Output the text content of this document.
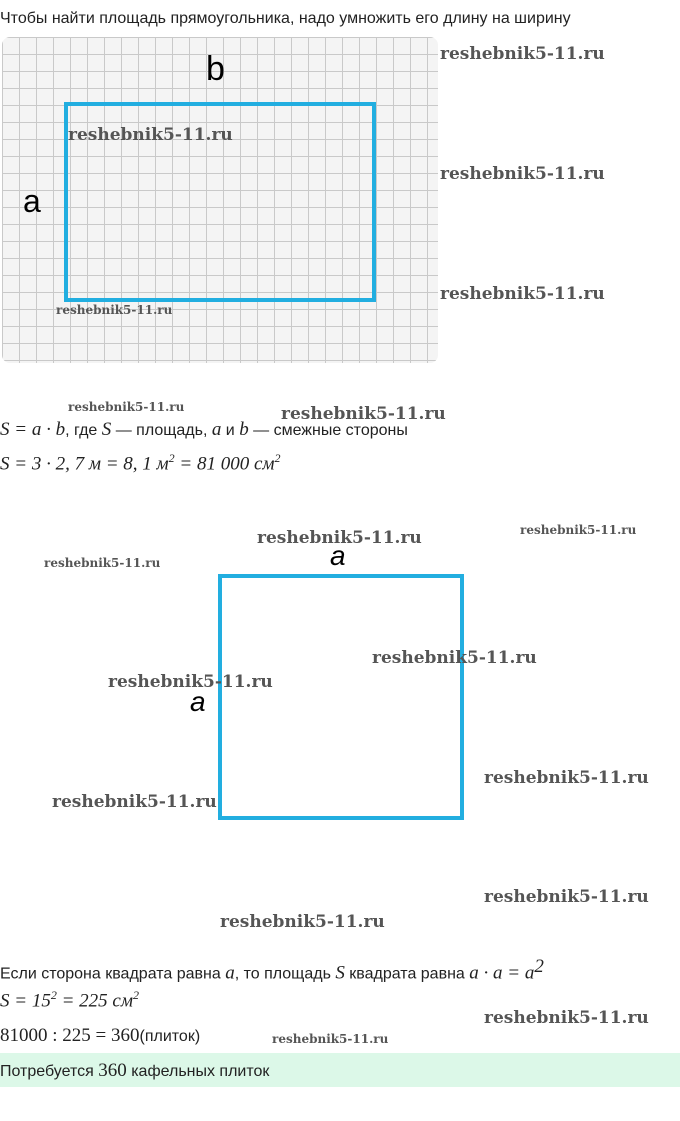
Чтобы найти площадь прямоугольника, надо умножить его длину на ширину
b
a
S = a · b, где S — площадь, a и b — смежные стороны
S = 3 · 2, 7 м = 8, 1 $м^2 = 81$ 000 $см^2$
a
a
Если сторона квадрата равна a, то площадь S квадрата равна $a \cdot a = a^2$
$S = 15^2 = 225$ $см^2$
81000 : 225 = 360(плиток)
Потребуется 360 кафельных плиток
reshebnik5-11.ru
reshebnik5-11.ru
reshebnik5-11.ru
reshebnik5-11.ru
reshebnik5-11.ru
reshebnik5-11.ru	reshebnik5-11.ru
reshebnik5-11.ru
reshebnik5-11.ru
reshebnik5-11.ru
reshebnik5-11.ru
reshebnik5-11.ru
reshebnik5-11.ru
reshebnik5-11.ru
reshebnik5-11.ru
reshebnik5-11.ru
reshebnik5-11.ru
reshebnik5-11.ru
